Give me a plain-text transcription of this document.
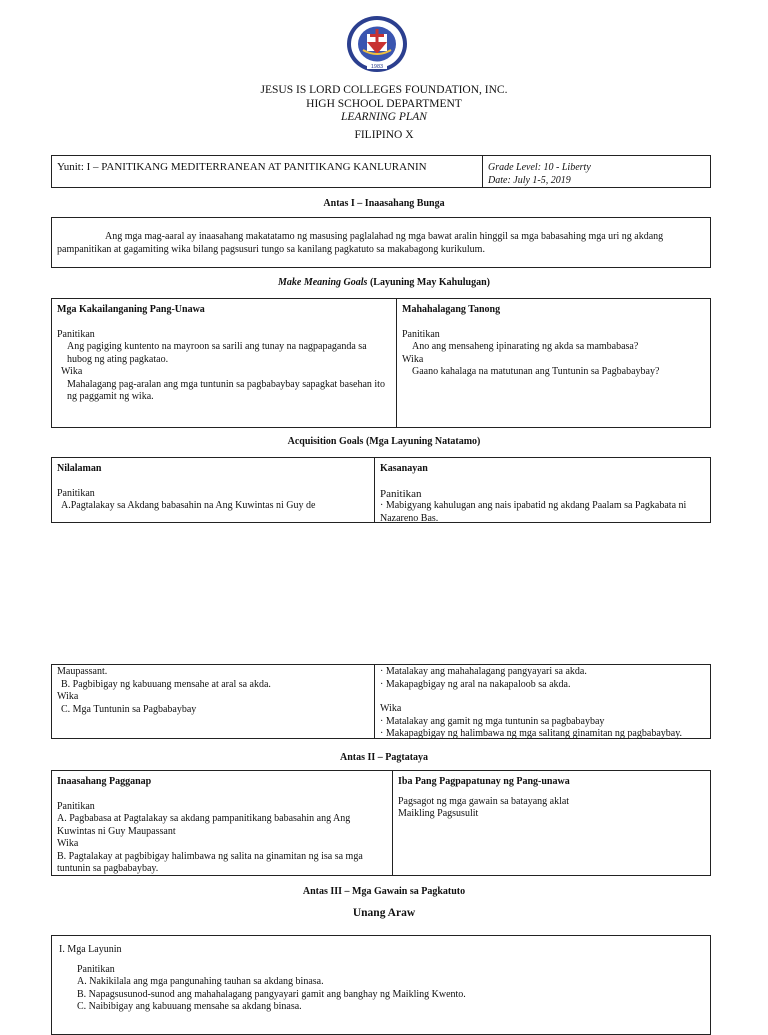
1983
JESUS IS LORD COLLEGES FOUNDATION, INC.
HIGH SCHOOL DEPARTMENT
LEARNING PLAN
FILIPINO X
Yunit: I – PANITIKANG MEDITERRANEAN AT PANITIKANG KANLURANIN	Grade Level: 10 - Liberty
Date: July 1-5, 2019
Antas I – Inaasahang Bunga
Ang mga mag-aaral ay inaasahang makatatamo ng masusing paglalahad ng mga bawat aralin hinggil sa mga babasahing mga uri ng akdang pampanitikan at gagamiting wika bilang pagsusuri tungo sa kanilang pagkatuto sa makabagong kurikulum.
Make Meaning Goals (Layuning May Kahulugan)

Mga Kakailanganing Pang-Unawa

Panitikan

Ang pagiging kuntento na mayroon sa sarili ang tunay na nagpapaganda sa hubog ng ating pagkatao.

Wika

Mahalagang pag-aralan ang mga tuntunin sa pagbabaybay sapagkat basehan ito ng paggamit ng wika.

Mahahalagang Tanong

Panitikan

Ano ang mensaheng ipinarating ng akda sa mambabasa?

Wika

Gaano kahalaga na matutunan ang Tuntunin sa Pagbabaybay?

Acquisition Goals (Mga Layuning Natatamo)

Nilalaman

Panitikan

A.Pagtalakay sa Akdang babasahin na Ang Kuwintas ni Guy de

Kasanayan

Panitikan

· Mabigyang kahulugan ang nais ipabatid ng akdang Paalam sa Pagkabata ni Nazareno Bas.

Maupassant.

B. Pagbibigay ng kabuuang mensahe at aral sa akda.

Wika

C. Mga Tuntunin sa Pagbabaybay

· Matalakay ang mahahalagang pangyayari sa akda.

· Makapagbigay ng aral na nakapaloob sa akda.

Wika

· Matalakay ang gamit ng mga tuntunin sa pagbabaybay

· Makapagbigay ng halimbawa ng mga salitang ginamitan ng pagbabaybay.

Antas II – Pagtataya

Inaasahang Pagganap

Panitikan

A. Pagbabasa at Pagtalakay sa akdang pampanitikang babasahin ang Ang Kuwintas ni Guy Maupassant

Wika

B. Pagtalakay at pagbibigay halimbawa ng salita na ginamitan ng isa sa mga tuntunin sa pagbabaybay.

Iba Pang Pagpapatunay ng Pang-unawa

Pagsagot ng mga gawain sa batayang aklat

Maikling Pagsusulit

Antas III – Mga Gawain sa Pagkatuto
Unang Araw

I. Mga Layunin

Panitikan

A. Nakikilala ang mga pangunahing tauhan sa akdang binasa.

B. Napagsusunod-sunod ang mahahalagang pangyayari gamit ang banghay ng Maikling Kwento.

C. Naibibigay ang kabuuang mensahe sa akdang binasa.
